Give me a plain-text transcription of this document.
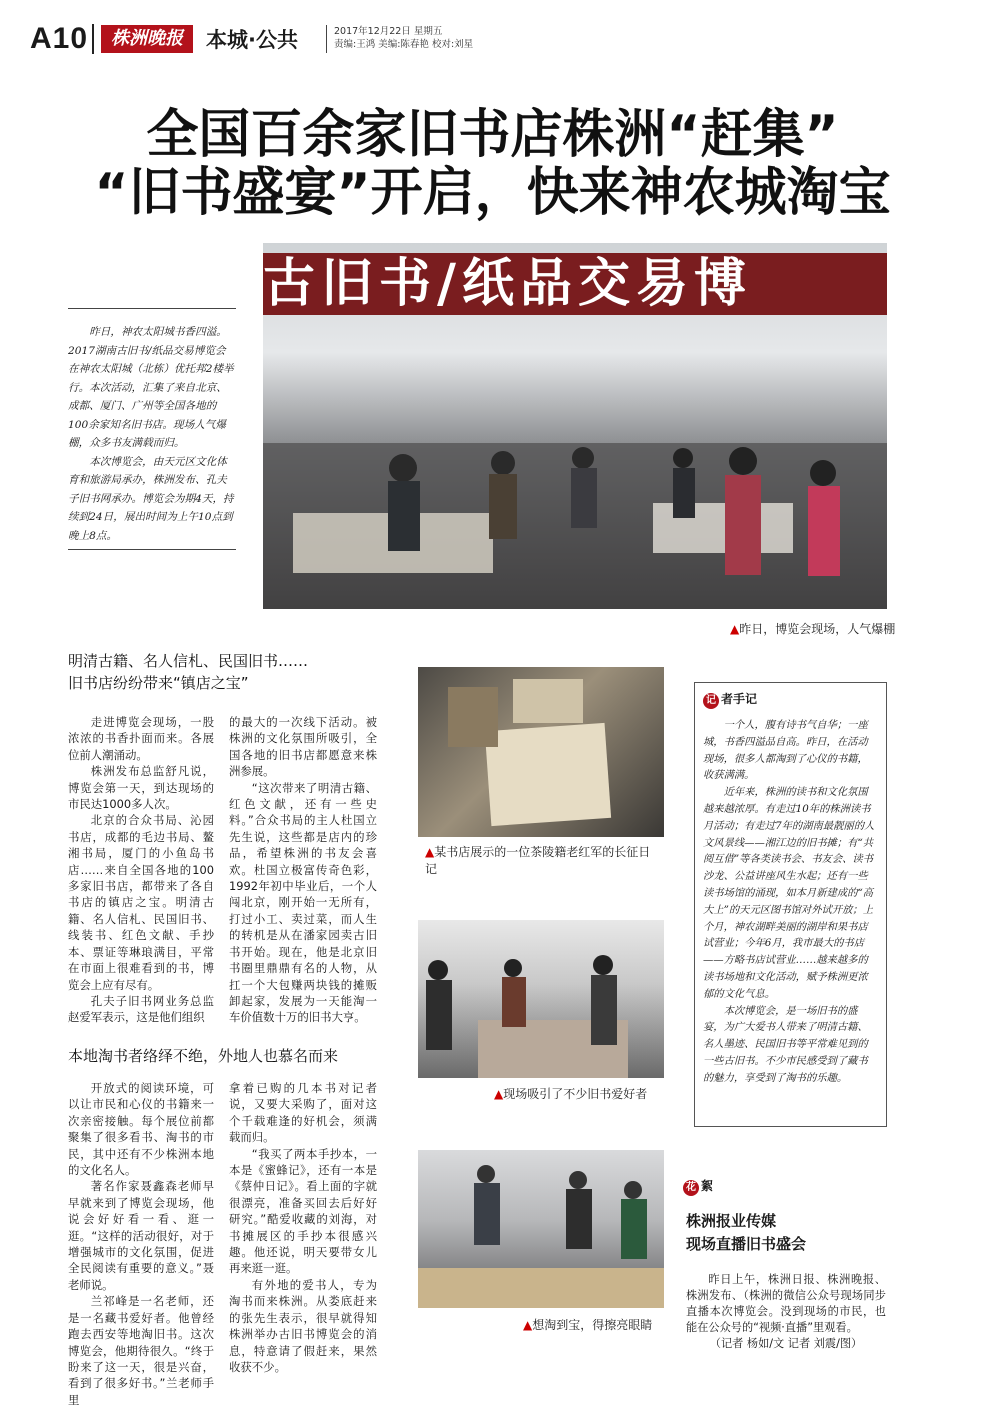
A10	株洲晚报	本城·公共	2017年12月22日 星期五
责编:王鸿 美编:陈春艳 校对:刘星
全国百余家旧书店株洲“赶集”
“旧书盛宴”开启，快来神农城淘宝
古旧书/纸品交易博
▲昨日，博览会现场，人气爆棚

昨日，神农太阳城书香四溢。2017湖南古旧书/纸品交易博览会在神农太阳城（北栋）优托邦2楼举行。本次活动，汇集了来自北京、成都、厦门、广州等全国各地的100余家知名旧书店。现场人气爆棚，众多书友满载而归。

本次博览会，由天元区文化体育和旅游局承办，株洲发布、孔夫子旧书网承办。博览会为期4天，持续到24日，展出时间为上午10点到晚上8点。

明清古籍、名人信札、民国旧书……
旧书店纷纷带来“镇店之宝”

走进博览会现场，一股浓浓的书香扑面而来。各展位前人潮涌动。

株洲发布总监舒凡说，博览会第一天，到达现场的市民达1000多人次。

北京的合众书局、沁园书店，成都的毛边书局、鳌湘书局，厦门的小鱼岛书店……来自全国各地的100多家旧书店，都带来了各自书店的镇店之宝。明清古籍、名人信札、民国旧书、线装书、红色文献、手抄本、票证等琳琅满目，平常在市面上很难看到的书，博览会上应有尽有。

孔夫子旧书网业务总监赵爱军表示，这是他们组织

的最大的一次线下活动。被株洲的文化氛围所吸引，全国各地的旧书店都愿意来株洲参展。

“这次带来了明清古籍、红色文献，还有一些史料。”合众书局的主人杜国立先生说，这些都是店内的珍品，希望株洲的书友会喜欢。杜国立极富传奇色彩，1992年初中毕业后，一个人闯北京，刚开始一无所有，打过小工、卖过菜，而人生的转机是从在潘家园卖古旧书开始。现在，他是北京旧书圈里鼎鼎有名的人物，从扛一个大包赚两块钱的摊贩卸起家，发展为一天能淘一车价值数十万的旧书大亨。

本地淘书者络绎不绝，外地人也慕名而来

开放式的阅读环境，可以让市民和心仪的书籍来一次亲密接触。每个展位前都聚集了很多看书、淘书的市民，其中还有不少株洲本地的文化名人。

著名作家聂鑫森老师早早就来到了博览会现场，他说会好好看一看、逛一逛。“这样的活动很好，对于增强城市的文化氛围，促进全民阅读有重要的意义。”聂老师说。

兰祁峰是一名老师，还是一名藏书爱好者。他曾经跑去西安等地淘旧书。这次博览会，他期待很久。“终于盼来了这一天，很是兴奋，看到了很多好书。”兰老师手里

拿着已购的几本书对记者说，又要大采购了，面对这个千载难逢的好机会，须满载而归。

“我买了两本手抄本，一本是《蜜蜂记》，还有一本是《蔡仲日记》。看上面的字就很漂亮，准备买回去后好好研究。”酷爱收藏的刘海，对书摊展区的手抄本很感兴趣。他还说，明天要带女儿再来逛一逛。

有外地的爱书人，专为淘书而来株洲。从娄底赶来的张先生表示，很早就得知株洲举办古旧书博览会的消息，特意请了假赶来，果然收获不少。

▲某书店展示的一位茶陵籍老红军的长征日记
▲现场吸引了不少旧书爱好者
▲想淘到宝，得擦亮眼睛
记 者手记

一个人，腹有诗书气自华；一座城，书香四溢品自高。昨日，在活动现场，很多人都淘到了心仪的书籍，收获满满。

近年来，株洲的读书和文化氛围越来越浓厚。有走过10年的株洲读书月活动；有走过7年的湖南最靓丽的人文风景线——湘江边的旧书摊；有“共阅互借”等各类读书会、书友会、读书沙龙、公益讲座风生水起；还有一些读书场馆的涌现，如本月新建成的“高大上”的天元区图书馆对外试开放；上个月，神农湖畔美丽的湖岸和果书店试营业；今年6月，我市最大的书店——方略书店试营业……越来越多的读书场地和文化活动，赋予株洲更浓郁的文化气息。

本次博览会，是一场旧书的盛宴，为广大爱书人带来了明清古籍、名人墨迹、民国旧书等平常难见到的一些古旧书。不少市民感受到了藏书的魅力，享受到了淘书的乐趣。

花 絮
株洲报业传媒
现场直播旧书盛会

昨日上午，株洲日报、株洲晚报、株洲发布、（株洲的微信公众号现场同步直播本次博览会。没到现场的市民，也能在公众号的“视频·直播”里观看。

（记者 杨如/文 记者 刘震/图）
